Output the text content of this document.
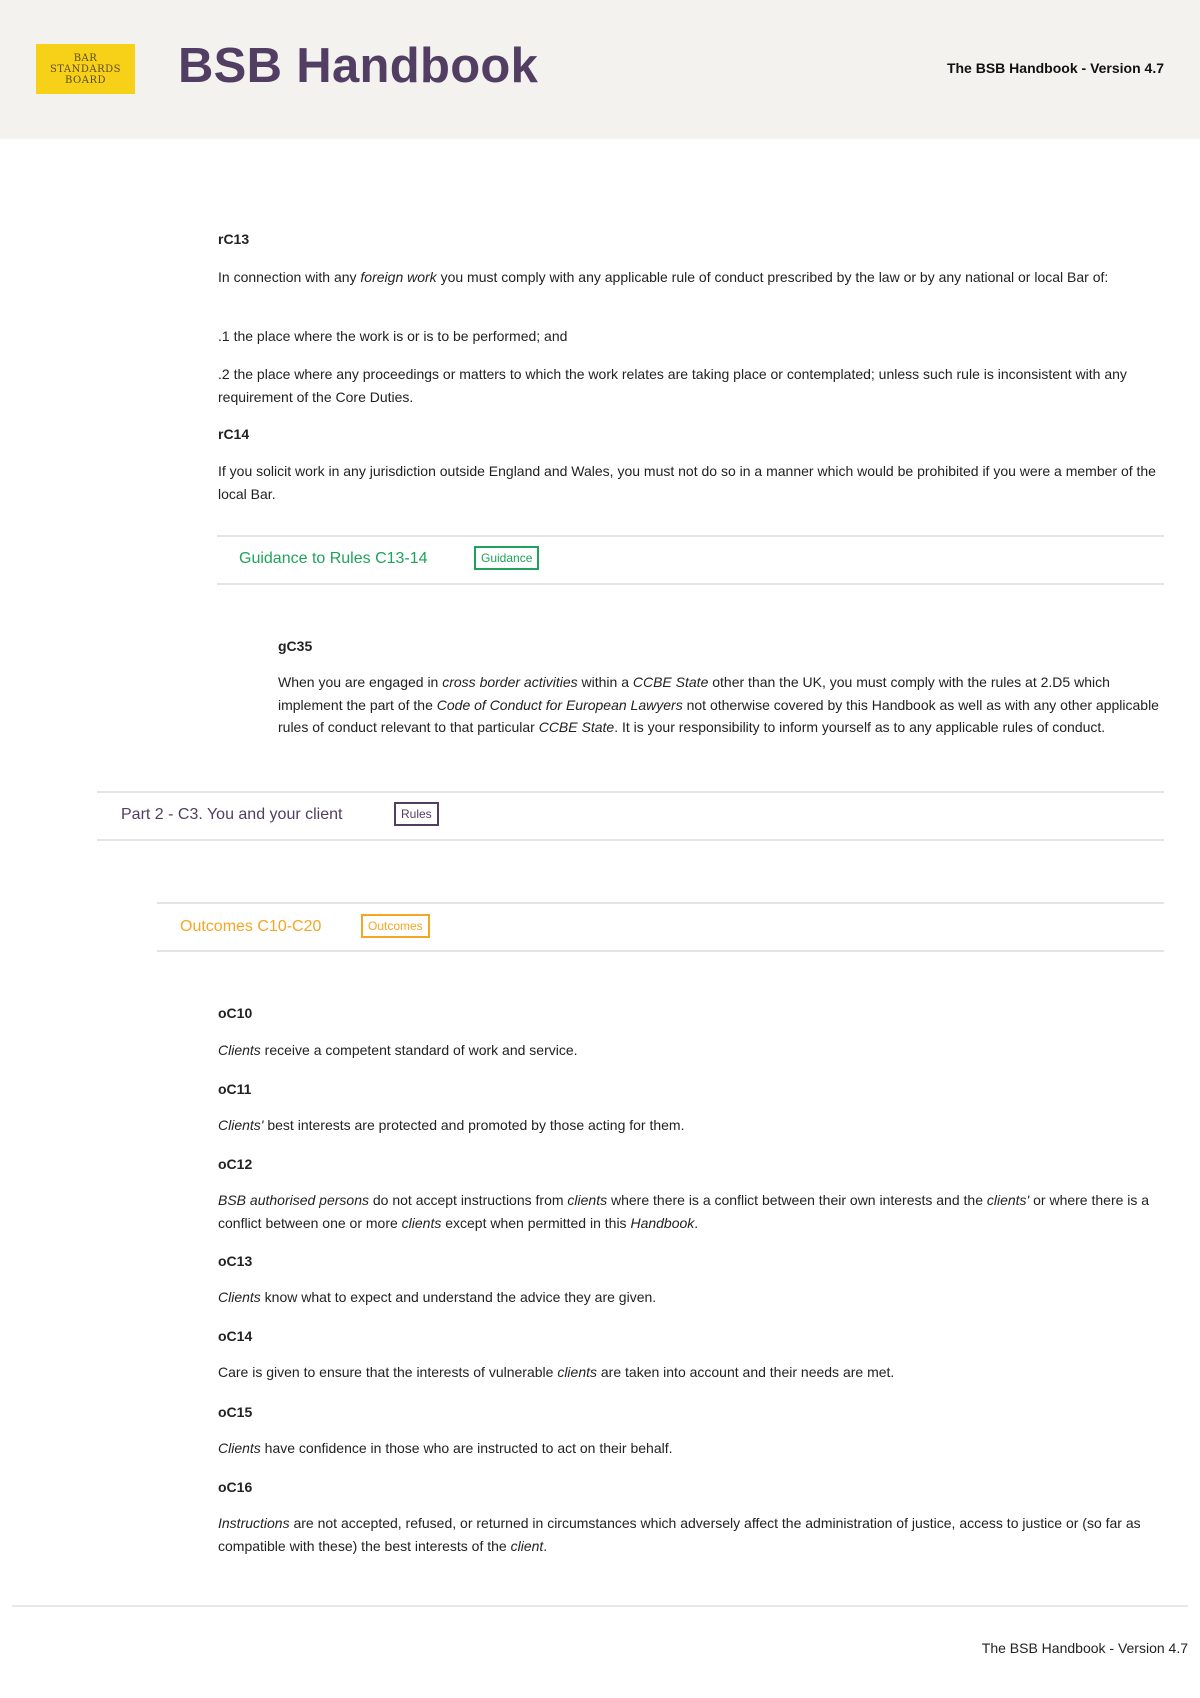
BAR
STANDARDS
BOARD BSB Handbook	The BSB Handbook - Version 4.7
rC13

In connection with any foreign work you must comply with any applicable rule of conduct prescribed by the law or by any national or local Bar of:

.1 the place where the work is or is to be performed; and

.2 the place where any proceedings or matters to which the work relates are taking place or contemplated; unless such rule is inconsistent with any requirement of the Core Duties.

rC14

If you solicit work in any jurisdiction outside England and Wales, you must not do so in a manner which would be prohibited if you were a member of the local Bar.

Guidance to Rules C13-14	Guidance
gC35

When you are engaged in cross border activities within a CCBE State other than the UK, you must comply with the rules at 2.D5 which implement the part of the Code of Conduct for European Lawyers not otherwise covered by this Handbook as well as with any other applicable rules of conduct relevant to that particular CCBE State. It is your responsibility to inform yourself as to any applicable rules of conduct.

Part 2 - C3. You and your client	Rules
Outcomes C10-C20	Outcomes
oC10

Clients receive a competent standard of work and service.

oC11

Clients' best interests are protected and promoted by those acting for them.

oC12

BSB authorised persons do not accept instructions from clients where there is a conflict between their own interests and the clients' or where there is a conflict between one or more clients except when permitted in this Handbook.

oC13

Clients know what to expect and understand the advice they are given.

oC14

Care is given to ensure that the interests of vulnerable clients are taken into account and their needs are met.

oC15

Clients have confidence in those who are instructed to act on their behalf.

oC16

Instructions are not accepted, refused, or returned in circumstances which adversely affect the administration of justice, access to justice or (so far as compatible with these) the best interests of the client.

The BSB Handbook - Version 4.7
